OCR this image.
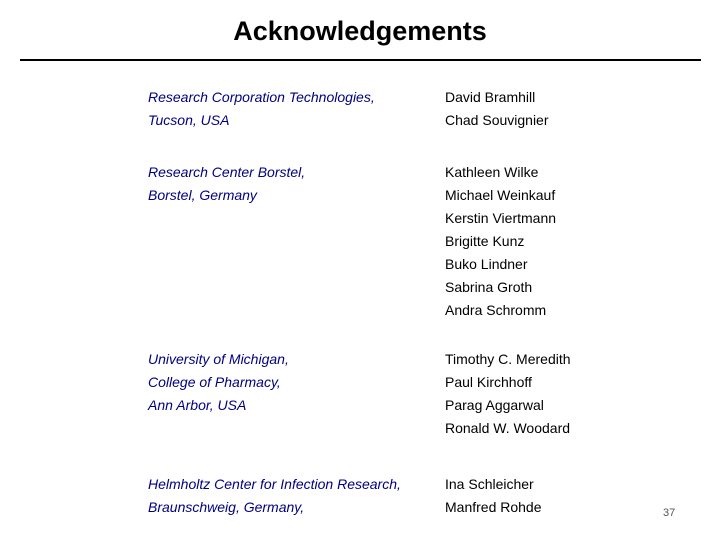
Acknowledgements
Research Corporation Technologies,
Tucson, USA
David Bramhill
Chad Souvignier
Research Center Borstel,
Borstel, Germany
Kathleen Wilke
Michael Weinkauf
Kerstin Viertmann
Brigitte Kunz
Buko Lindner
Sabrina Groth
Andra Schromm
University of Michigan,
College of Pharmacy,
Ann Arbor, USA
Timothy C. Meredith
Paul Kirchhoff
Parag Aggarwal
Ronald W. Woodard
Helmholtz Center for Infection Research,
Braunschweig, Germany,
Ina Schleicher
Manfred Rohde	37
